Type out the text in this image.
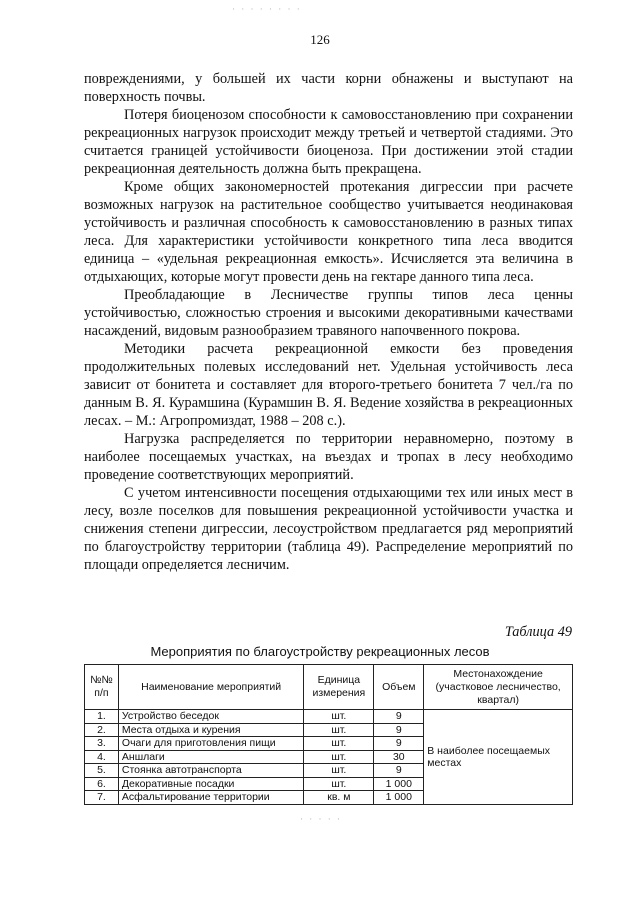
· · · · · · · ·
126

повреждениями, у большей их части корни обнажены и выступают на поверхность почвы.

Потеря биоценозом способности к самовосстановлению при сохранении рекреационных нагрузок происходит между третьей и четвертой стадиями. Это считается границей устойчивости биоценоза. При достижении этой стадии рекреационная деятельность должна быть прекращена.

Кроме общих закономерностей протекания дигрессии при расчете возможных нагрузок на растительное сообщество учитывается неодинаковая устойчивость и различная способность к самовосстановлению в разных типах леса. Для характеристики устойчивости конкретного типа леса вводится единица – «удельная рекреационная емкость». Исчисляется эта величина в отдыхающих, которые могут провести день на гектаре данного типа леса.

Преобладающие в Лесничестве группы типов леса ценны устойчивостью, сложностью строения и высокими декоративными качествами насаждений, видовым разнообразием травяного напочвенного покрова.

Методики расчета рекреационной емкости без проведения продолжительных полевых исследований нет. Удельная устойчивость леса зависит от бонитета и составляет для второго-третьего бонитета 7 чел./га по данным В. Я. Курамшина (Курамшин В. Я. Ведение хозяйства в рекреационных лесах. – М.: Агропромиздат, 1988 – 208 с.).

Нагрузка распределяется по территории неравномерно, поэтому в наиболее посещаемых участках, на въездах и тропах в лесу необходимо проведение соответствующих мероприятий.

С учетом интенсивности посещения отдыхающими тех или иных мест в лесу, возле поселков для повышения рекреационной устойчивости участка и снижения степени дигрессии, лесоустройством предлагается ряд мероприятий по благоустройству территории (таблица 49). Распределение мероприятий по площади определяется лесничим.

Таблица 49
Мероприятия по благоустройству рекреационных лесов
№№ п/п	Наименование мероприятий	Единица измерения	Объем	Местонахождение (участковое лесничество, квартал)
1.	Устройство беседок	шт.	9	В наиболее посещаемых местах
2.	Места отдыха и курения	шт.	9	
3.	Очаги для приготовления пищи	шт.	9	
4.	Аншлаги	шт.	30	
5.	Стоянка автотранспорта	шт.	9	
6.	Декоративные посадки	шт.	1 000	
7.	Асфальтирование территории	кв. м	1 000	
· · · · ·
